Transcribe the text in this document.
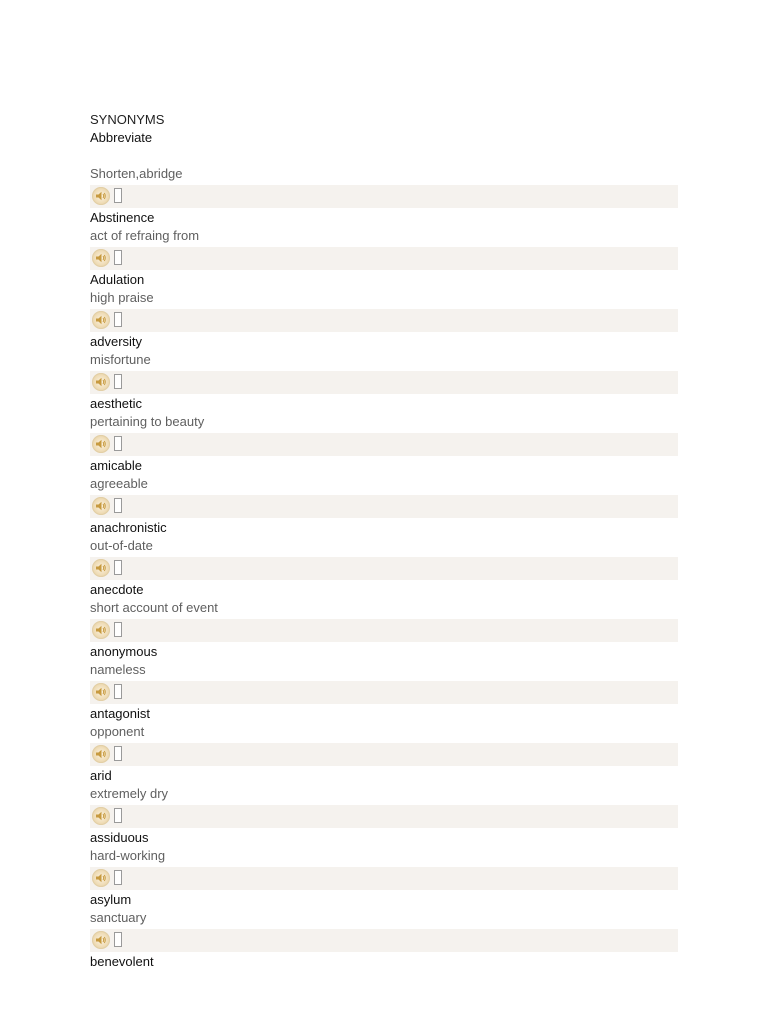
SYNONYMS
Abbreviate
Shorten,abridge
Abstinence
act of refraing from
Adulation
high praise
adversity
misfortune
aesthetic
pertaining to beauty
amicable
agreeable
anachronistic
out-of-date
anecdote
short account of event
anonymous
nameless
antagonist
opponent
arid
extremely dry
assiduous
hard-working
asylum
sanctuary
benevolent
